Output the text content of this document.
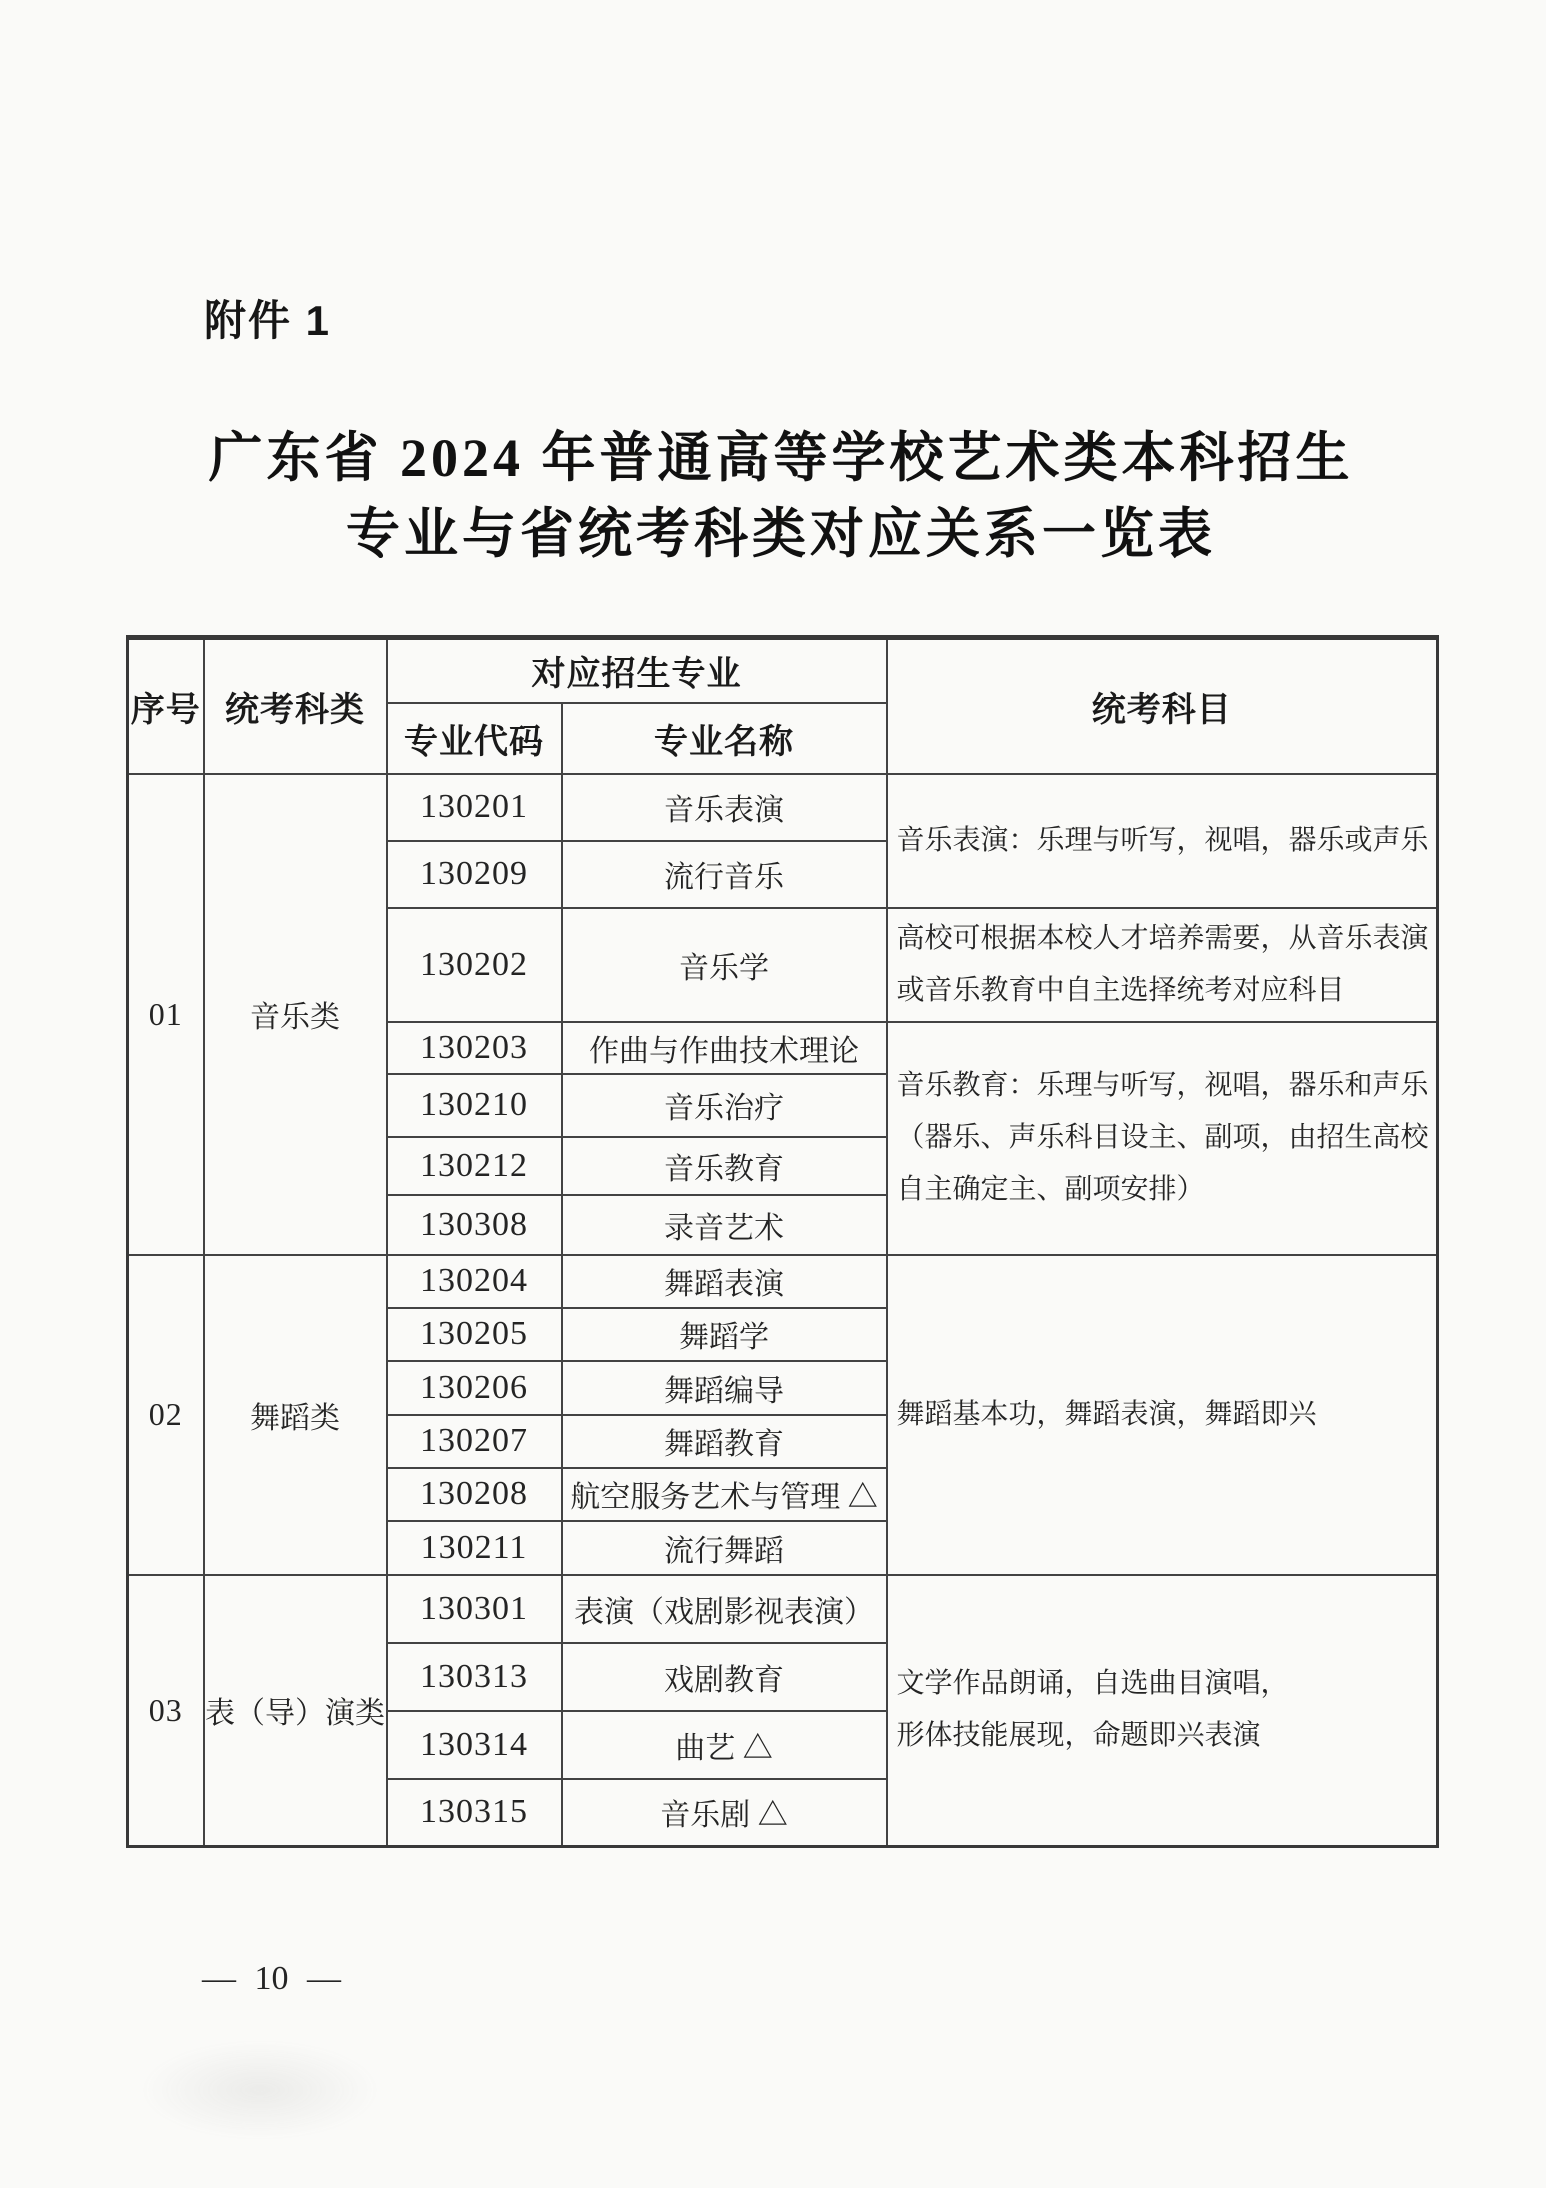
附件 1
广东省 2024 年普通高等学校艺术类本科招生
专业与省统考科类对应关系一览表
序号	统考科类	对应招生专业		统考科目
		专业代码	专业名称	
01	音乐类	130201	音乐表演	音乐表演：乐理与听写，视唱，器乐或声乐

		130209	流行音乐	
		130202	音乐学	高校可根据本校人才培养需要，从音乐表演
或音乐教育中自主选择统考对应科目

		130203	作曲与作曲技术理论	音乐教育：乐理与听写，视唱，器乐和声乐
（器乐、声乐科目设主、副项，由招生高校
自主确定主、副项安排）

		130210	音乐治疗	
		130212	音乐教育	
		130308	录音艺术	
02	舞蹈类	130204	舞蹈表演	舞蹈基本功，舞蹈表演，舞蹈即兴

		130205	舞蹈学	
		130206	舞蹈编导	
		130207	舞蹈教育	
		130208	航空服务艺术与管理 △	
		130211	流行舞蹈	
03	表（导）演类	130301	表演（戏剧影视表演）	文学作品朗诵，自选曲目演唱，
形体技能展现，命题即兴表演

		130313	戏剧教育	
		130314	曲艺 △	
		130315	音乐剧 △	
— 10 —
